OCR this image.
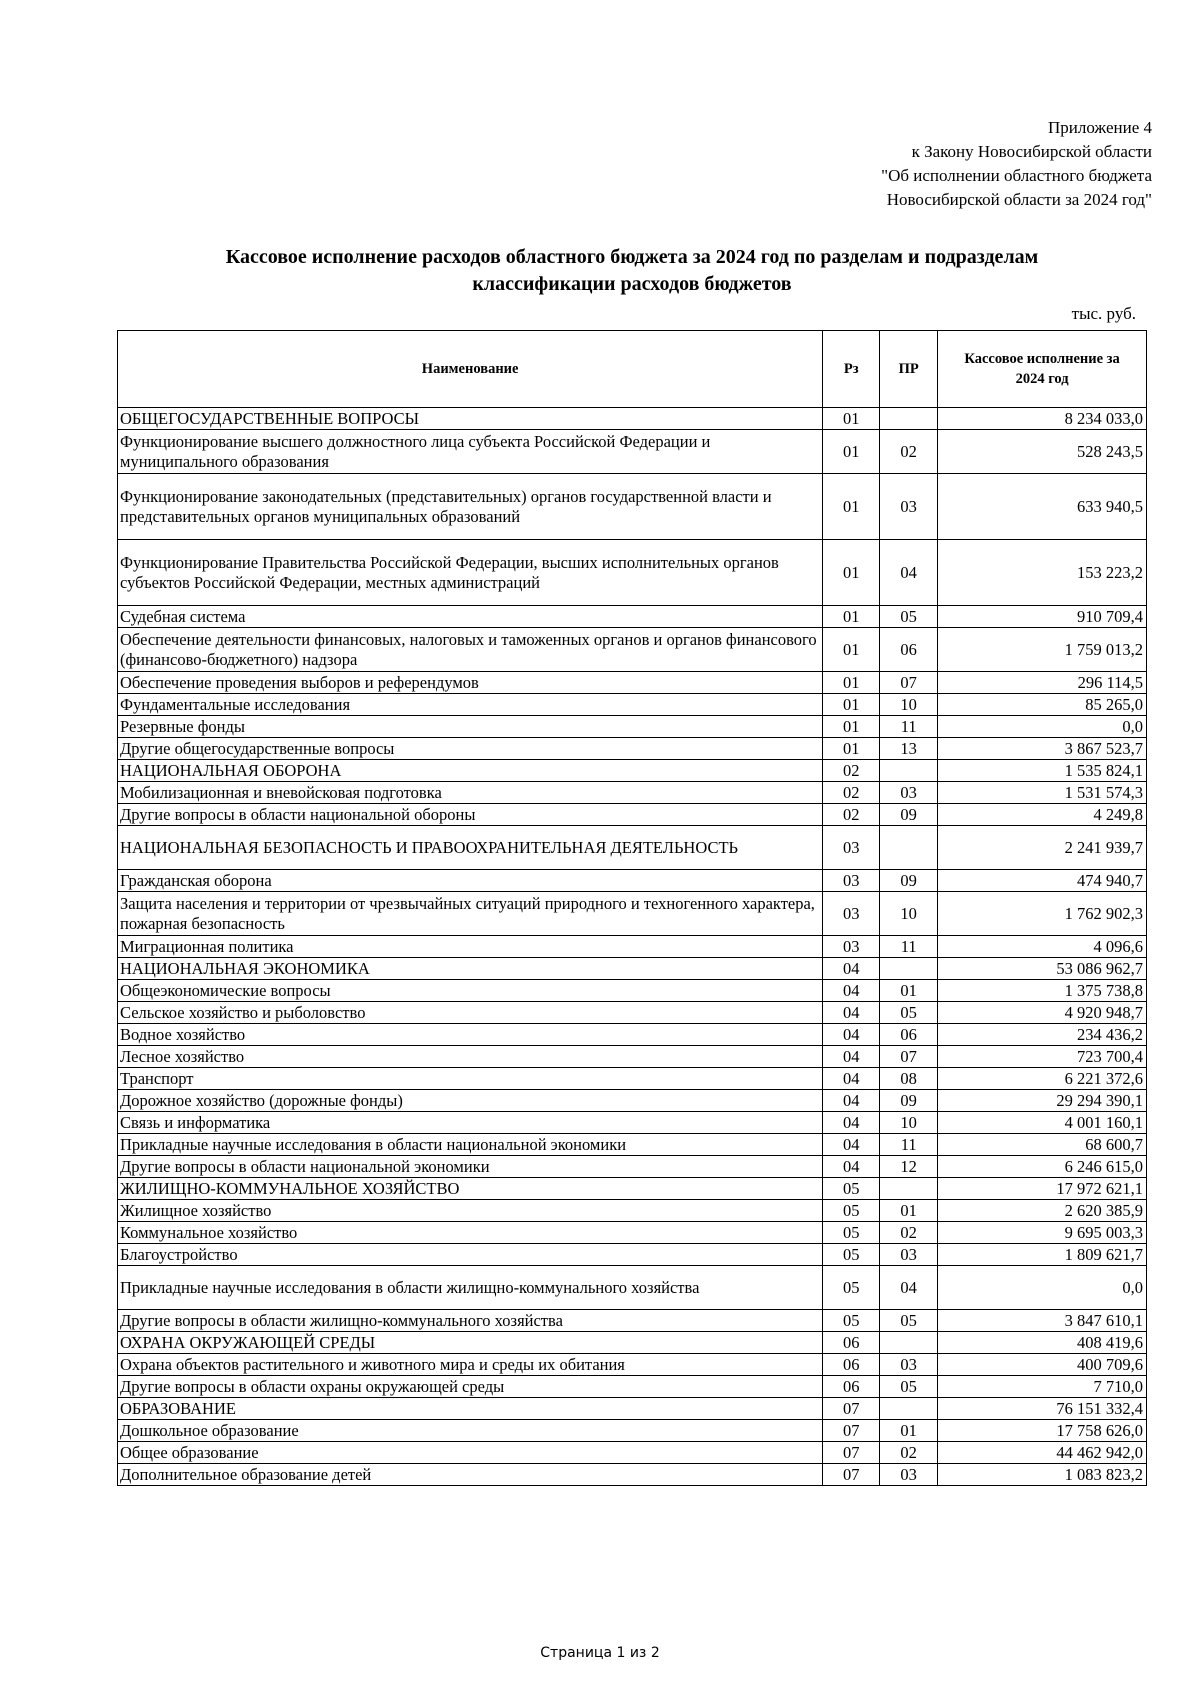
Приложение 4
к Закону Новосибирской области
"Об исполнении областного бюджета
Новосибирской области за 2024 год"
Кассовое исполнение расходов областного бюджета за 2024 год по разделам и подразделам
классификации расходов бюджетов
тыс. руб.
Наименование	Рз	ПР	Кассовое исполнение за
2024 год

ОБЩЕГОСУДАРСТВЕННЫЕ ВОПРОСЫ	01		8 234 033,0
Функционирование высшего должностного лица субъекта Российской Федерации и муниципального образования	01	02	528 243,5
Функционирование законодательных (представительных) органов государственной власти и представительных органов муниципальных образований	01	03	633 940,5
Функционирование Правительства Российской Федерации, высших исполнительных органов субъектов Российской Федерации, местных администраций	01	04	153 223,2
Судебная система	01	05	910 709,4
Обеспечение деятельности финансовых, налоговых и таможенных органов и органов финансового (финансово-бюджетного) надзора	01	06	1 759 013,2
Обеспечение проведения выборов и референдумов	01	07	296 114,5
Фундаментальные исследования	01	10	85 265,0
Резервные фонды	01	11	0,0
Другие общегосударственные вопросы	01	13	3 867 523,7
НАЦИОНАЛЬНАЯ ОБОРОНА	02		1 535 824,1
Мобилизационная и вневойсковая подготовка	02	03	1 531 574,3
Другие вопросы в области национальной обороны	02	09	4 249,8
НАЦИОНАЛЬНАЯ БЕЗОПАСНОСТЬ И ПРАВООХРАНИТЕЛЬНАЯ ДЕЯТЕЛЬНОСТЬ	03		2 241 939,7
Гражданская оборона	03	09	474 940,7
Защита населения и территории от чрезвычайных ситуаций природного и техногенного характера, пожарная безопасность	03	10	1 762 902,3
Миграционная политика	03	11	4 096,6
НАЦИОНАЛЬНАЯ ЭКОНОМИКА	04		53 086 962,7
Общеэкономические вопросы	04	01	1 375 738,8
Сельское хозяйство и рыболовство	04	05	4 920 948,7
Водное хозяйство	04	06	234 436,2
Лесное хозяйство	04	07	723 700,4
Транспорт	04	08	6 221 372,6
Дорожное хозяйство (дорожные фонды)	04	09	29 294 390,1
Связь и информатика	04	10	4 001 160,1
Прикладные научные исследования в области национальной экономики	04	11	68 600,7
Другие вопросы в области национальной экономики	04	12	6 246 615,0
ЖИЛИЩНО-КОММУНАЛЬНОЕ ХОЗЯЙСТВО	05		17 972 621,1
Жилищное хозяйство	05	01	2 620 385,9
Коммунальное хозяйство	05	02	9 695 003,3
Благоустройство	05	03	1 809 621,7
Прикладные научные исследования в области жилищно-коммунального хозяйства	05	04	0,0
Другие вопросы в области жилищно-коммунального хозяйства	05	05	3 847 610,1
ОХРАНА ОКРУЖАЮЩЕЙ СРЕДЫ	06		408 419,6
Охрана объектов растительного и животного мира и среды их обитания	06	03	400 709,6
Другие вопросы в области охраны окружающей среды	06	05	7 710,0
ОБРАЗОВАНИЕ	07		76 151 332,4
Дошкольное образование	07	01	17 758 626,0
Общее образование	07	02	44 462 942,0
Дополнительное образование детей	07	03	1 083 823,2
Страница 1 из 2
